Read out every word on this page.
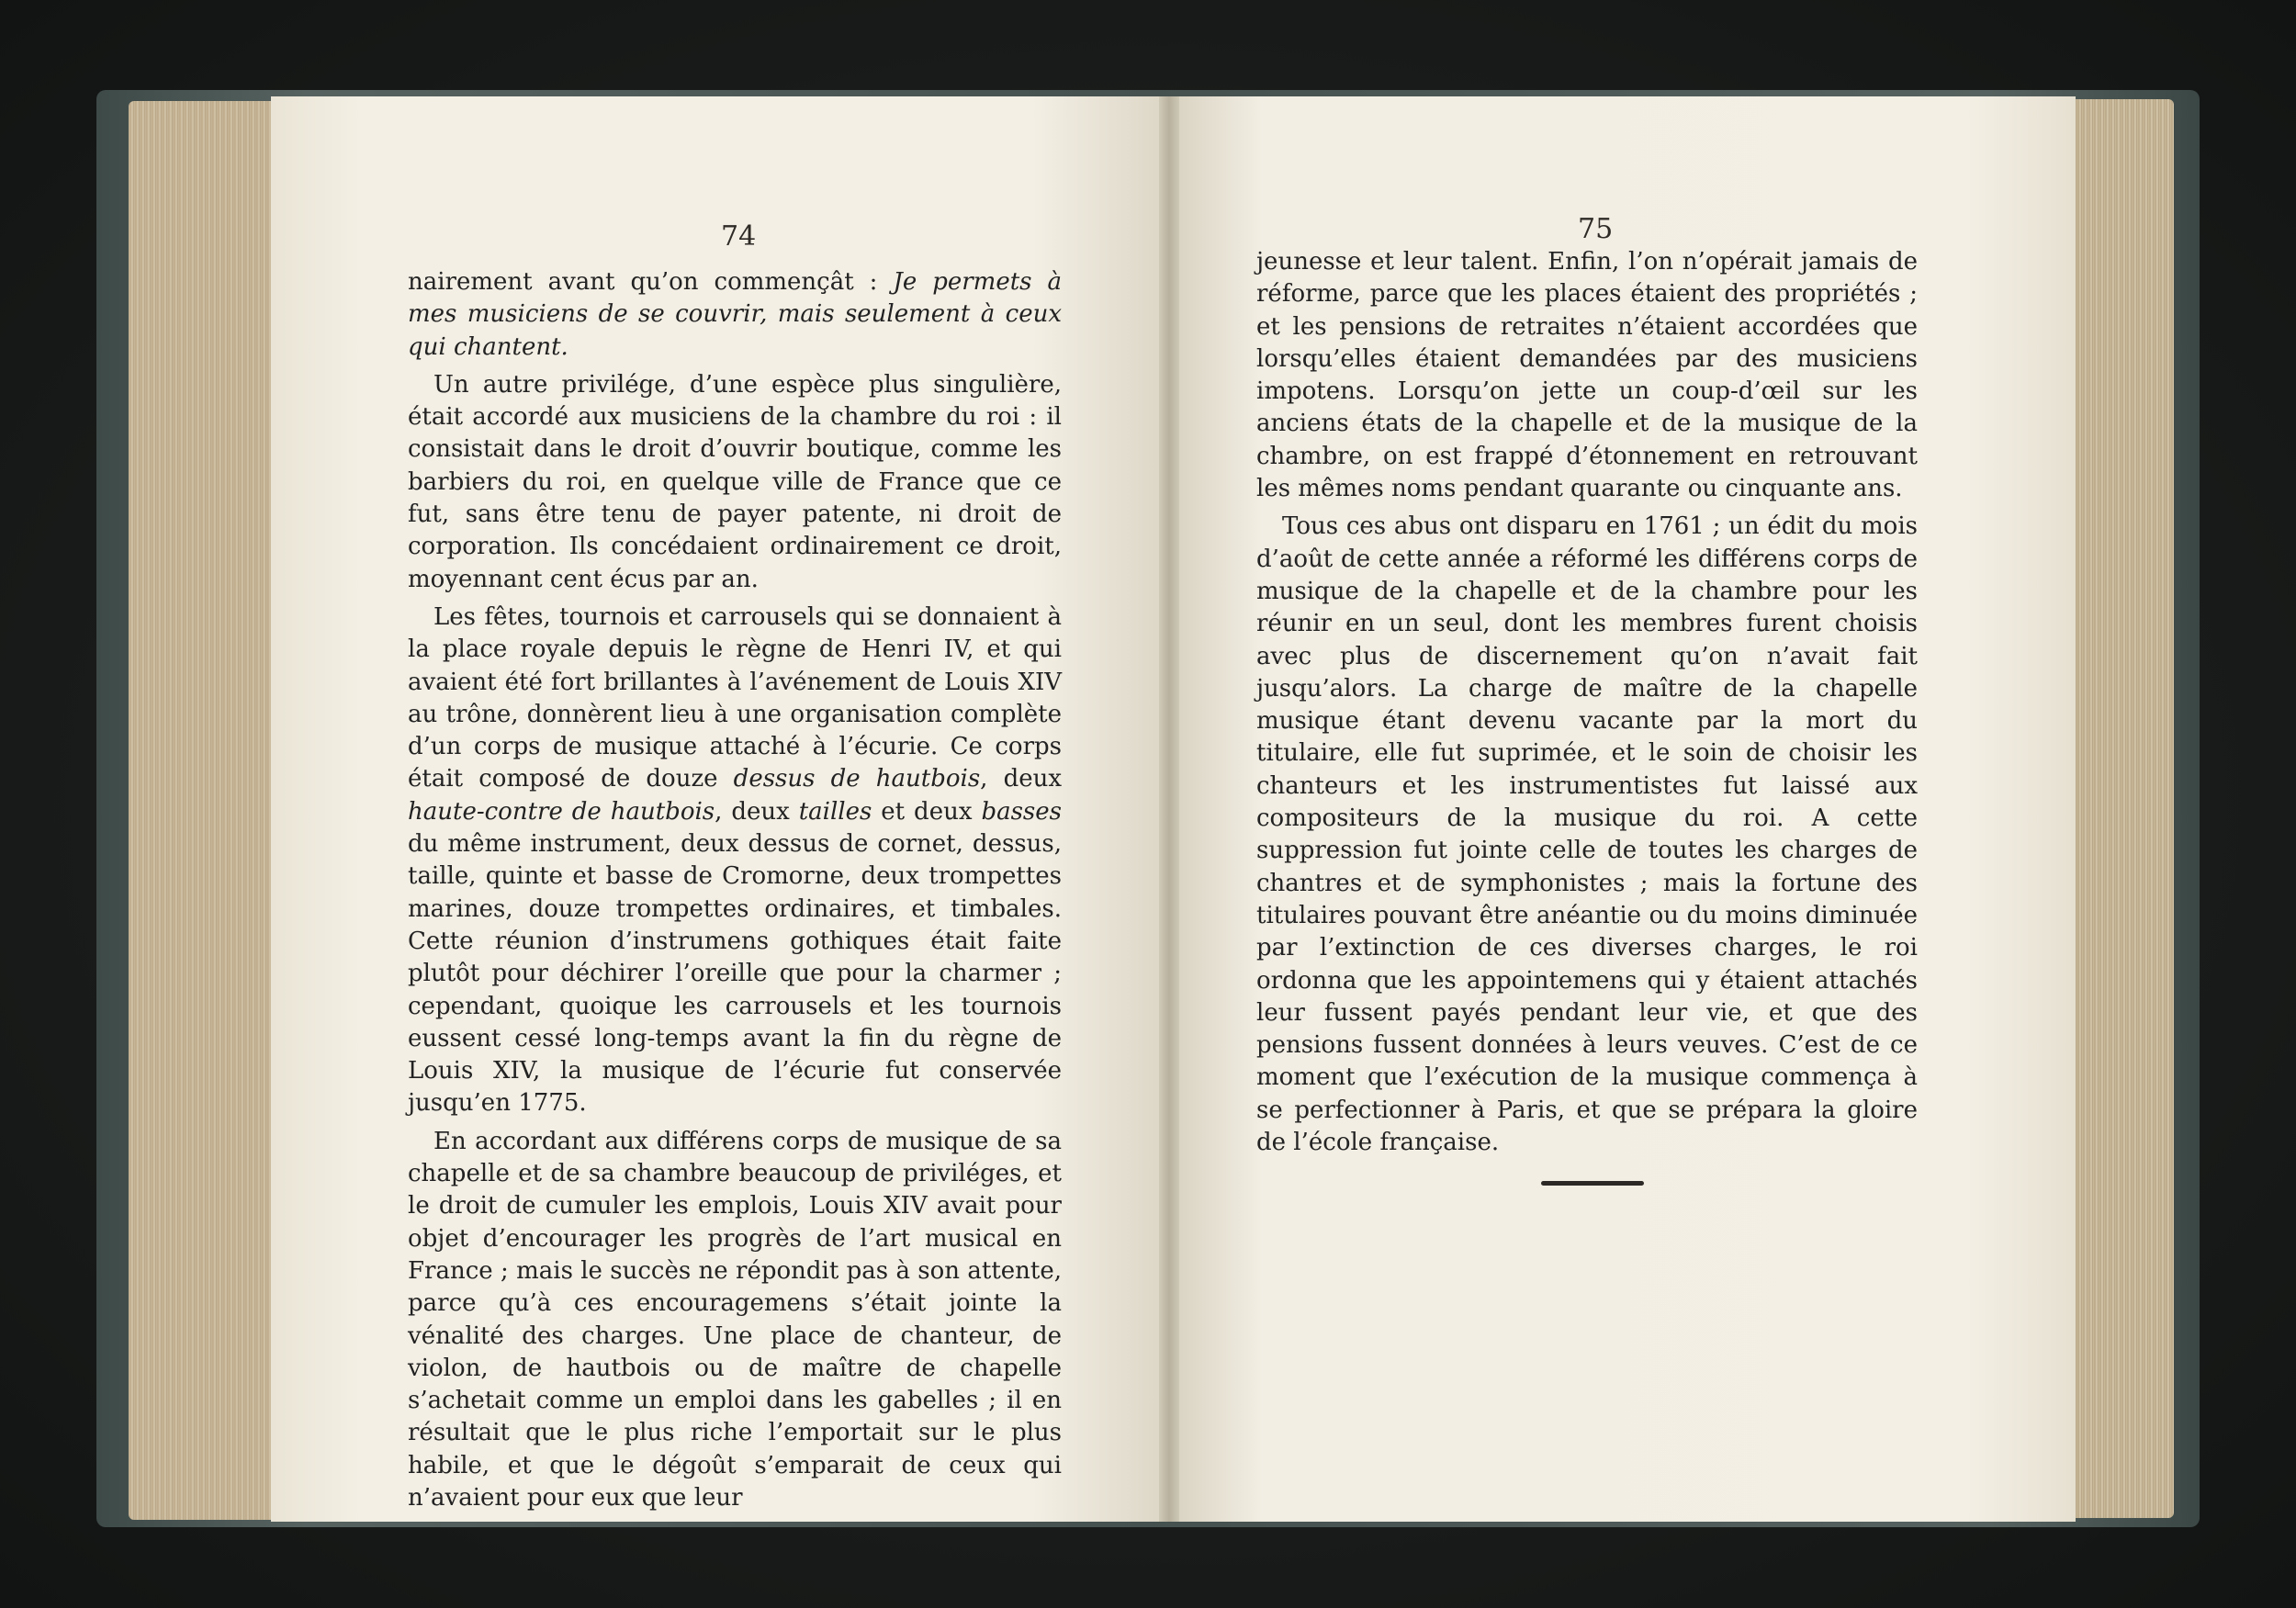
74

nairement avant qu’on commençât : Je permets à mes musiciens de se couvrir, mais seulement à ceux qui chantent.

Un autre privilége, d’une espèce plus singulière, était accordé aux musiciens de la chambre du roi : il consistait dans le droit d’ouvrir boutique, comme les barbiers du roi, en quelque ville de France que ce fut, sans être tenu de payer patente, ni droit de corporation. Ils concédaient ordinairement ce droit, moyennant cent écus par an.

Les fêtes, tournois et carrousels qui se donnaient à la place royale depuis le règne de Henri IV, et qui avaient été fort brillantes à l’avénement de Louis XIV au trône, donnèrent lieu à une organisation complète d’un corps de musique attaché à l’écurie. Ce corps était composé de douze dessus de hautbois, deux haute-contre de hautbois, deux tailles et deux basses du même instrument, deux dessus de cornet, dessus, taille, quinte et basse de Cromorne, deux trompettes marines, douze trompettes ordinaires, et timbales. Cette réunion d’instrumens gothiques était faite plutôt pour déchirer l’oreille que pour la charmer ; cependant, quoique les carrousels et les tournois eussent cessé long-temps avant la fin du règne de Louis XIV, la musique de l’écurie fut conservée jusqu’en 1775.

En accordant aux différens corps de musique de sa chapelle et de sa chambre beaucoup de priviléges, et le droit de cumuler les emplois, Louis XIV avait pour objet d’encourager les progrès de l’art musical en France ; mais le succès ne répondit pas à son attente, parce qu’à ces encouragemens s’était jointe la vénalité des charges. Une place de chanteur, de violon, de hautbois ou de maître de chapelle s’achetait comme un emploi dans les gabelles ; il en résultait que le plus riche l’emportait sur le plus habile, et que le dégoût s’emparait de ceux qui n’avaient pour eux que leur

75

jeunesse et leur talent. Enfin, l’on n’opérait jamais de réforme, parce que les places étaient des propriétés ; et les pensions de retraites n’étaient accordées que lorsqu’elles étaient demandées par des musiciens impotens. Lorsqu’on jette un coup-d’œil sur les anciens états de la chapelle et de la musique de la chambre, on est frappé d’étonnement en retrouvant les mêmes noms pendant quarante ou cinquante ans.

Tous ces abus ont disparu en 1761 ; un édit du mois d’août de cette année a réformé les différens corps de musique de la chapelle et de la chambre pour les réunir en un seul, dont les membres furent choisis avec plus de discernement qu’on n’avait fait jusqu’alors. La charge de maître de la chapelle musique étant devenu vacante par la mort du titulaire, elle fut suprimée, et le soin de choisir les chanteurs et les instrumentistes fut laissé aux compositeurs de la musique du roi. A cette suppression fut jointe celle de toutes les charges de chantres et de symphonistes ; mais la fortune des titulaires pouvant être anéantie ou du moins diminuée par l’extinction de ces diverses charges, le roi ordonna que les appointemens qui y étaient attachés leur fussent payés pendant leur vie, et que des pensions fussent données à leurs veuves. C’est de ce moment que l’exécution de la musique commença à se perfectionner à Paris, et que se prépara la gloire de l’école française.
